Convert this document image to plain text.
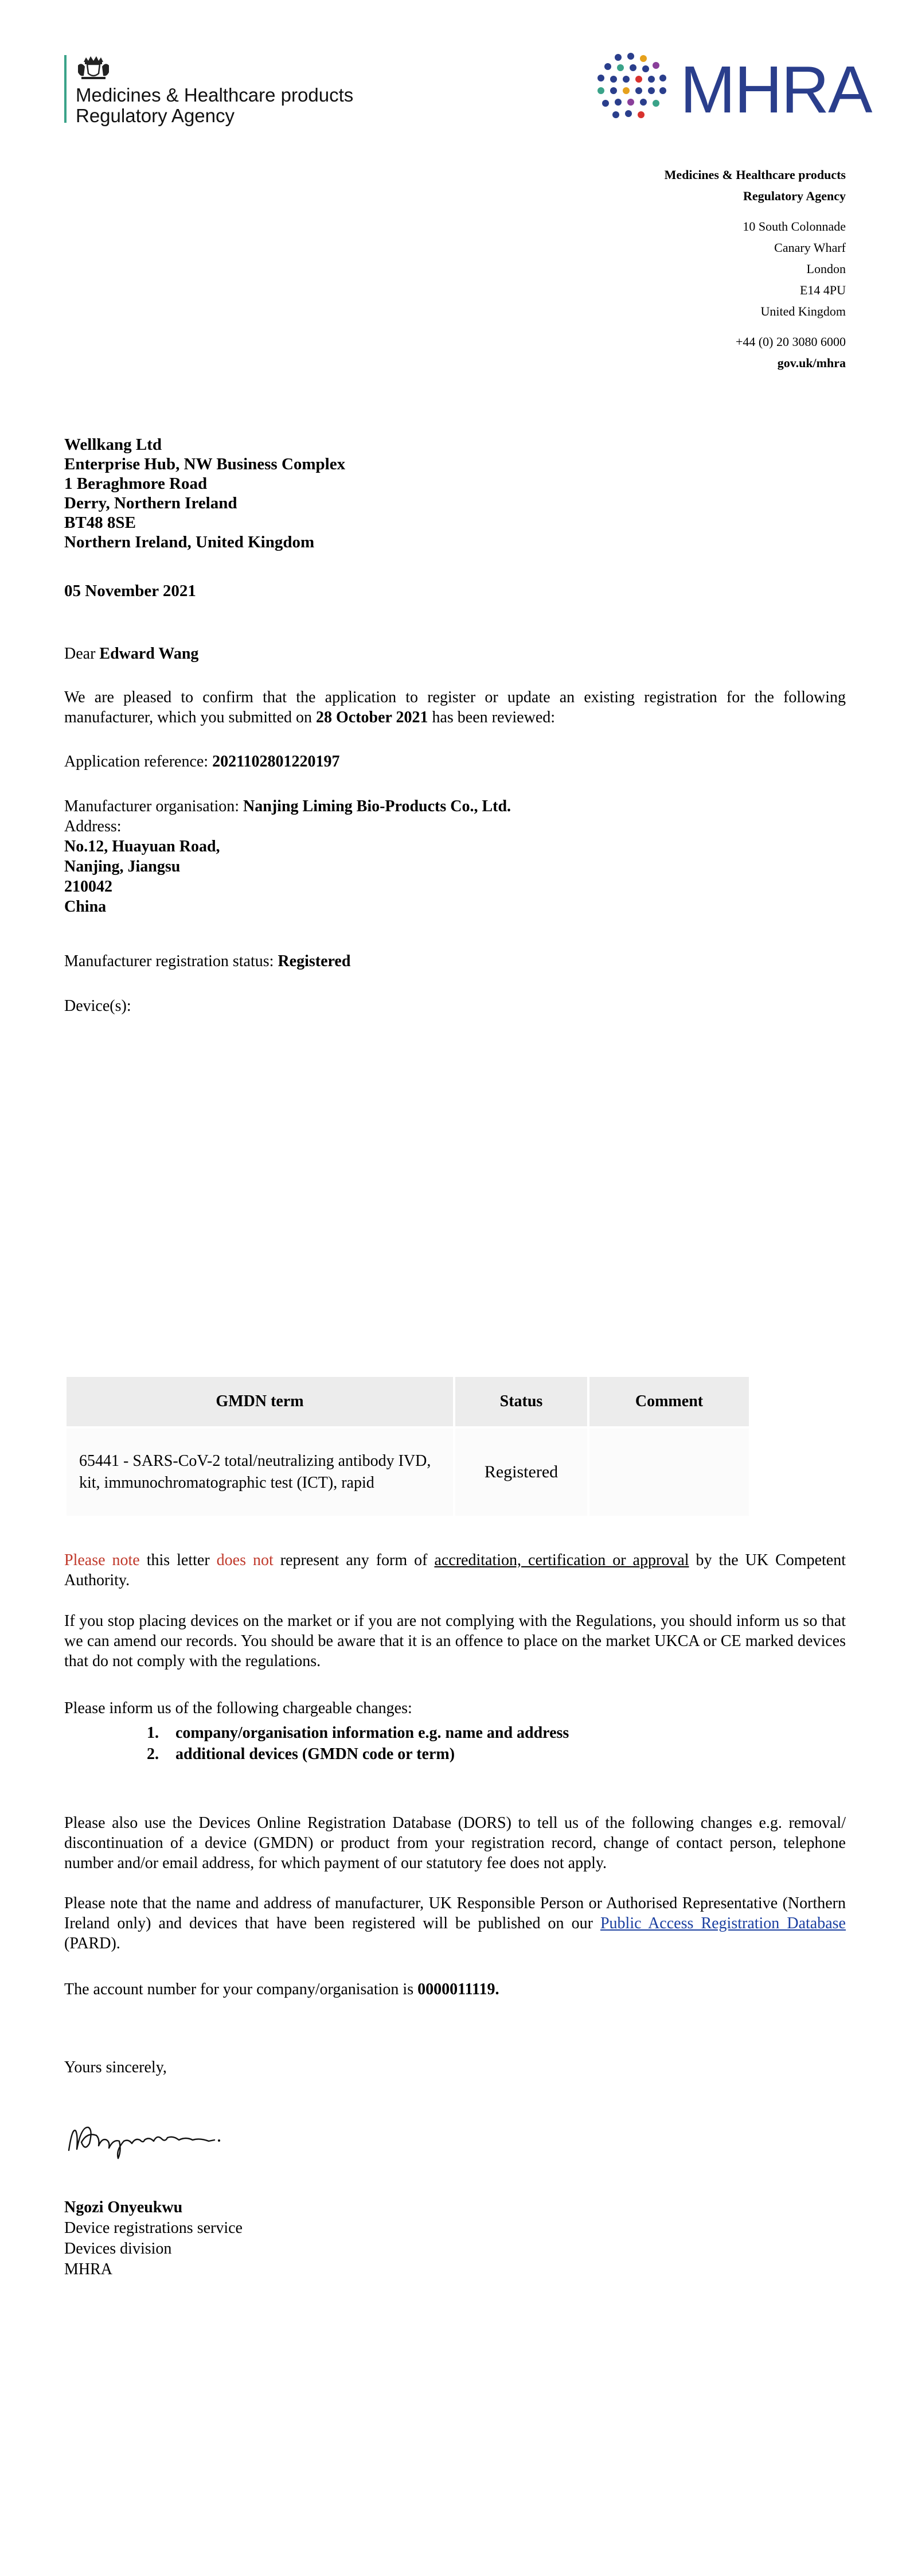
Medicines & Healthcare products
Regulatory Agency	MHRA
Medicines & Healthcare products
Regulatory Agency
10 South Colonnade
Canary Wharf
London
E14 4PU
United Kingdom
+44 (0) 20 3080 6000
gov.uk/mhra
Wellkang Ltd
Enterprise Hub, NW Business Complex
1 Beraghmore Road
Derry, Northern Ireland
BT48 8SE
Northern Ireland, United Kingdom
05 November 2021
Dear Edward Wang
We are pleased to confirm that the application to register or update an existing registration for the following manufacturer, which you submitted on 28 October 2021 has been reviewed:
Application reference: 2021102801220197
Manufacturer organisation: Nanjing Liming Bio-Products Co., Ltd.
Address:
No.12, Huayuan Road,
Nanjing, Jiangsu
210042
China
Manufacturer registration status: Registered
Device(s):
GMDN term	Status	Comment
65441 - SARS-CoV-2 total/neutralizing antibody IVD, kit, immunochromatographic test (ICT), rapid	Registered	
Please note this letter does not represent any form of accreditation, certification or approval by the UK Competent Authority.
If you stop placing devices on the market or if you are not complying with the Regulations, you should inform us so that we can amend our records. You should be aware that it is an offence to place on the market UKCA or CE marked devices that do not comply with the regulations.
Please inform us of the following chargeable changes:
1. company/organisation information e.g. name and address
2. additional devices (GMDN code or term)
Please also use the Devices Online Registration Database (DORS) to tell us of the following changes e.g. removal/ discontinuation of a device (GMDN) or product from your registration record, change of contact person, telephone number and/or email address, for which payment of our statutory fee does not apply.
Please note that the name and address of manufacturer, UK Responsible Person or Authorised Representative (Northern Ireland only) and devices that have been registered will be published on our Public Access Registration Database (PARD).
The account number for your company/organisation is 0000011119.
Yours sincerely,
Ngozi Onyeukwu
Device registrations service
Devices division
MHRA
